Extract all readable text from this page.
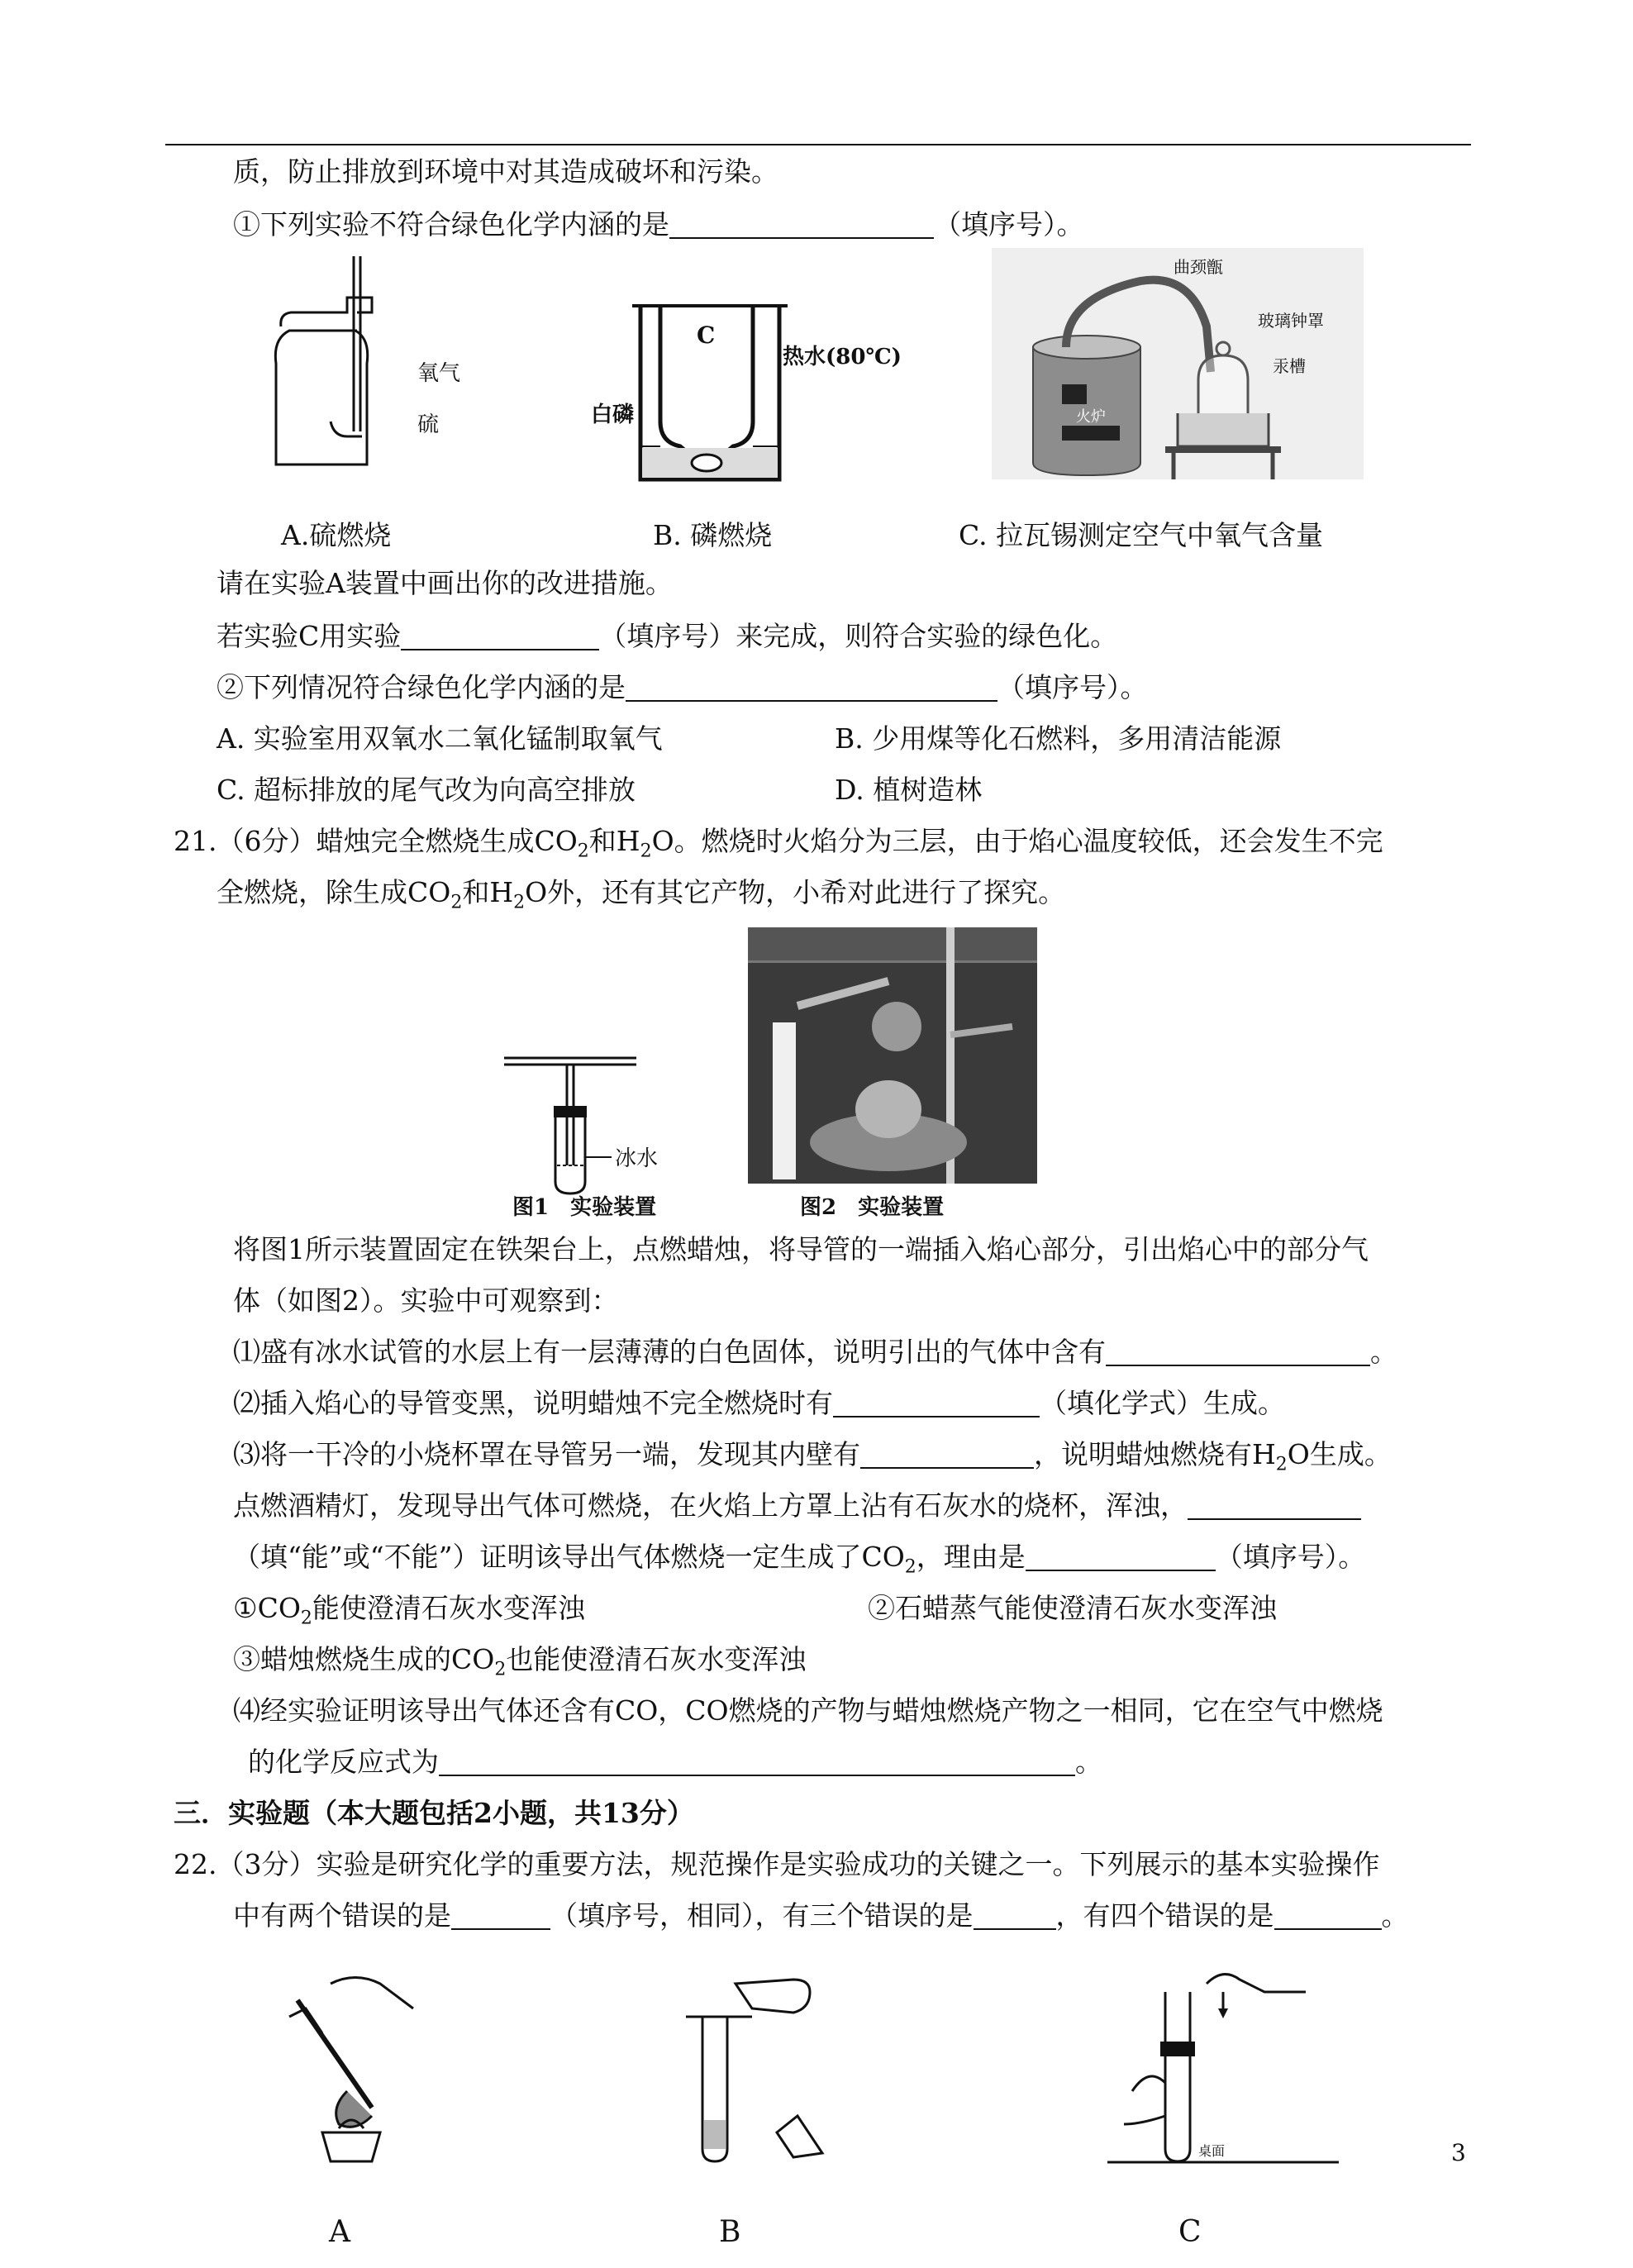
质，防止排放到环境中对其造成破坏和污染。
①下列实验不符合绿色化学内涵的是	（填序号）。
氧气
硫
C
热水(80℃)
白磷	火炉
曲颈甑
玻璃钟罩
汞槽
A.硫燃烧	B. 磷燃烧	C. 拉瓦锡测定空气中氧气含量
请在实验A装置中画出你的改进措施。
若实验C用实验	（填序号）来完成，则符合实验的绿色化。
②下列情况符合绿色化学内涵的是	（填序号）。
A. 实验室用双氧水二氧化锰制取氧气	B. 少用煤等化石燃料，多用清洁能源
C. 超标排放的尾气改为向高空排放	D. 植树造林
21.（6分）蜡烛完全燃烧生成$CO_2$和$H_2O$。燃烧时火焰分为三层，由于焰心温度较低，还会发生不完
全燃烧，除生成$CO_2$和$H_2O$外，还有其它产物，小希对此进行了探究。
冰水
图1　实验装置	图2　实验装置
将图1所示装置固定在铁架台上，点燃蜡烛，将导管的一端插入焰心部分，引出焰心中的部分气
体（如图2）。实验中可观察到：
⑴盛有冰水试管的水层上有一层薄薄的白色固体，说明引出的气体中含有	。
⑵插入焰心的导管变黑，说明蜡烛不完全燃烧时有	（填化学式）生成。
⑶将一干冷的小烧杯罩在导管另一端，发现其内壁有	，说明蜡烛燃烧有$H_2O$生成。
点燃酒精灯，发现导出气体可燃烧，在火焰上方罩上沾有石灰水的烧杯，浑浊，
（填“能”或“不能”）证明该导出气体燃烧一定生成了$CO_2$，理由是	（填序号）。
$①CO_2$能使澄清石灰水变浑浊	②石蜡蒸气能使澄清石灰水变浑浊
③蜡烛燃烧生成的$CO_2$也能使澄清石灰水变浑浊
⑷经实验证明该导出气体还含有CO，CO燃烧的产物与蜡烛燃烧产物之一相同，它在空气中燃烧
的化学反应式为	。
三．实验题（本大题包括2小题，共13分）
22.（3分）实验是研究化学的重要方法，规范操作是实验成功的关键之一。下列展示的基本实验操作
中有两个错误的是	（填序号，相同），有三个错误的是	，有四个错误的是	。
桌面
A	B	C
3
